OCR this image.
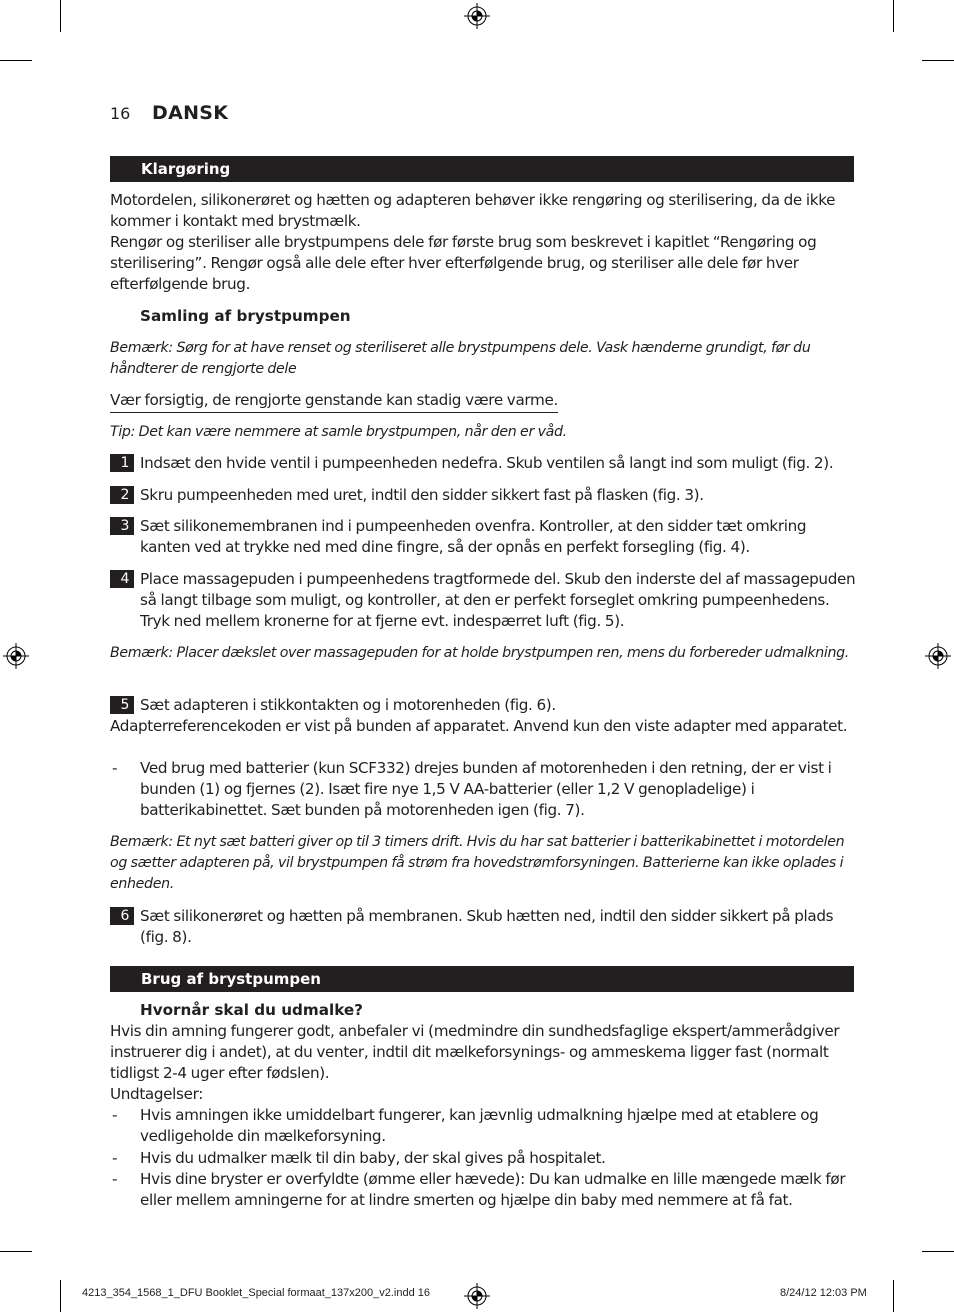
16 DANSK
Klargøring

Motordelen, silikonerøret og hætten og adapteren behøver ikke rengøring og sterilisering, da de ikke kommer i kontakt med brystmælk.

Rengør og steriliser alle brystpumpens dele før første brug som beskrevet i kapitlet “Rengøring og sterilisering”. Rengør også alle dele efter hver efterfølgende brug, og steriliser alle dele før hver efterfølgende brug.

Samling af brystpumpen

Bemærk: Sørg for at have renset og steriliseret alle brystpumpens dele. Vask hænderne grundigt, før du håndterer de rengjorte dele

Vær forsigtig, de rengjorte genstande kan stadig være varme.

Tip: Det kan være nemmere at samle brystpumpen, når den er våd.

1 Indsæt den hvide ventil i pumpeenheden nedefra. Skub ventilen så langt ind som muligt (fig. 2).
2 Skru pumpeenheden med uret, indtil den sidder sikkert fast på flasken (fig. 3).
3 Sæt silikonemembranen ind i pumpeenheden ovenfra. Kontroller, at den sidder tæt omkring kanten ved at trykke ned med dine fingre, så der opnås en perfekt forsegling (fig. 4).
4 Place massagepuden i pumpeenhedens tragtformede del. Skub den inderste del af massagepuden så langt tilbage som muligt, og kontroller, at den er perfekt forseglet omkring pumpeenhedens. Tryk ned mellem kronerne for at fjerne evt. indespærret luft (fig. 5).

Bemærk: Placer dækslet over massagepuden for at holde brystpumpen ren, mens du forbereder udmalkning.

5 Sæt adapteren i stikkontakten og i motorenheden (fig. 6).

Adapterreferencekoden er vist på bunden af apparatet. Anvend kun den viste adapter med apparatet.

- Ved brug med batterier (kun SCF332) drejes bunden af motorenheden i den retning, der er vist i bunden (1) og fjernes (2). Isæt fire nye 1,5 V AA-batterier (eller 1,2 V genopladelige) i batterikabinettet. Sæt bunden på motorenheden igen (fig. 7).

Bemærk: Et nyt sæt batteri giver op til 3 timers drift. Hvis du har sat batterier i batterikabinettet i motordelen og sætter adapteren på, vil brystpumpen få strøm fra hovedstrømforsyningen. Batterierne kan ikke oplades i enheden.

6 Sæt silikonerøret og hætten på membranen. Skub hætten ned, indtil den sidder sikkert på plads (fig. 8).
Brug af brystpumpen
Hvornår skal du udmalke?

Hvis din amning fungerer godt, anbefaler vi (medmindre din sundhedsfaglige ekspert/ammerådgiver instruerer dig i andet), at du venter, indtil dit mælkeforsynings- og ammeskema ligger fast (normalt tidligst 2-4 uger efter fødslen).

Undtagelser:

- Hvis amningen ikke umiddelbart fungerer, kan jævnlig udmalkning hjælpe med at etablere og vedligeholde din mælkeforsyning.
- Hvis du udmalker mælk til din baby, der skal gives på hospitalet.
- Hvis dine bryster er overfyldte (ømme eller hævede): Du kan udmalke en lille mængede mælk før eller mellem amningerne for at lindre smerten og hjælpe din baby med nemmere at få fat.
4213_354_1568_1_DFU Booklet_Special formaat_137x200_v2.indd 16	8/24/12 12:03 PM
